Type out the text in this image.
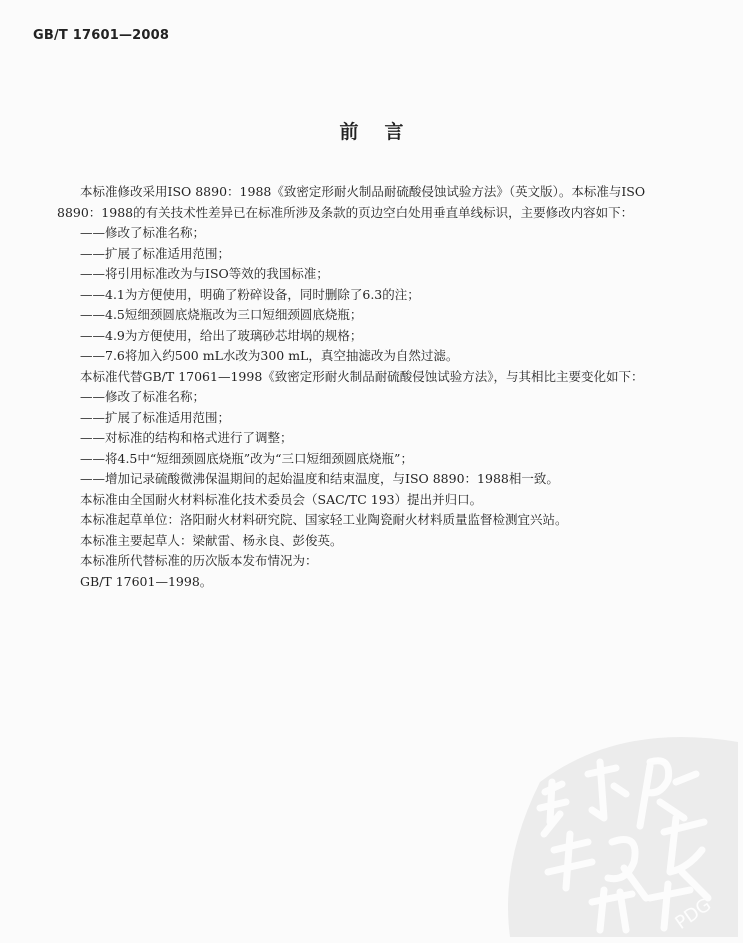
GB/T 17601—2008
前言

本标准修改采用ISO 8890：1988《致密定形耐火制品耐硫酸侵蚀试验方法》（英文版）。本标准与ISO 8890：1988的有关技术性差异已在标准所涉及条款的页边空白处用垂直单线标识，主要修改内容如下：

——修改了标准名称；

——扩展了标准适用范围；

——将引用标准改为与ISO等效的我国标准；

——4.1为方便使用，明确了粉碎设备，同时删除了6.3的注；

——4.5短细颈圆底烧瓶改为三口短细颈圆底烧瓶；

——4.9为方便使用，给出了玻璃砂芯坩埚的规格；

——7.6将加入约500 mL水改为300 mL，真空抽滤改为自然过滤。

本标准代替GB/T 17061—1998《致密定形耐火制品耐硫酸侵蚀试验方法》，与其相比主要变化如下：

——修改了标准名称；

——扩展了标准适用范围；

——对标准的结构和格式进行了调整；

——将4.5中“短细颈圆底烧瓶”改为“三口短细颈圆底烧瓶”；

——增加记录硫酸微沸保温期间的起始温度和结束温度，与ISO 8890：1988相一致。

本标准由全国耐火材料标准化技术委员会（SAC/TC 193）提出并归口。

本标准起草单位：洛阳耐火材料研究院、国家轻工业陶瓷耐火材料质量监督检测宜兴站。

本标准主要起草人：梁献雷、杨永良、彭俊英。

本标准所代替标准的历次版本发布情况为：

GB/T 17601—1998。

PDG
